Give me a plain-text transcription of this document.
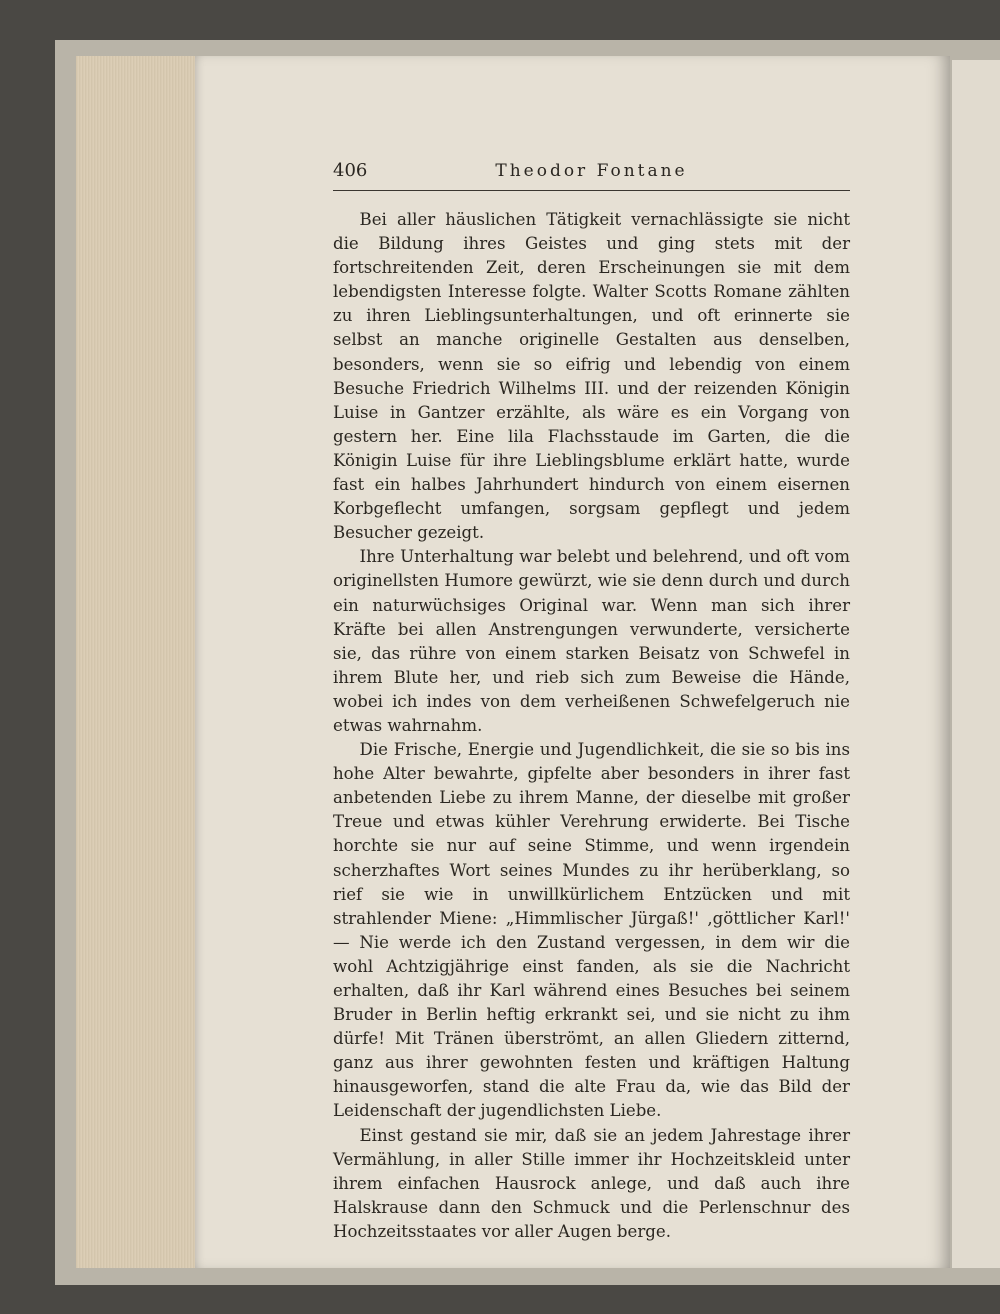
406	Theodor Fontane

Bei aller häuslichen Tätigkeit vernachlässigte sie nicht die Bildung ihres Geistes und ging stets mit der fortschreitenden Zeit, deren Erscheinungen sie mit dem lebendigsten Interesse folgte. Walter Scotts Romane zählten zu ihren Lieblingsunterhaltungen, und oft erinnerte sie selbst an manche originelle Gestalten aus denselben, besonders, wenn sie so eifrig und lebendig von einem Besuche Friedrich Wilhelms III. und der reizenden Königin Luise in Gantzer erzählte, als wäre es ein Vorgang von gestern her. Eine lila Flachsstaude im Garten, die die Königin Luise für ihre Lieblingsblume erklärt hatte, wurde fast ein halbes Jahrhundert hindurch von einem eisernen Korbgeflecht umfangen, sorgsam gepflegt und jedem Besucher gezeigt.

Ihre Unterhaltung war belebt und belehrend, und oft vom originellsten Humore gewürzt, wie sie denn durch und durch ein naturwüchsiges Original war. Wenn man sich ihrer Kräfte bei allen Anstrengungen verwunderte, versicherte sie, das rühre von einem starken Beisatz von Schwefel in ihrem Blute her, und rieb sich zum Beweise die Hände, wobei ich indes von dem verheißenen Schwefelgeruch nie etwas wahrnahm.

Die Frische, Energie und Jugendlichkeit, die sie so bis ins hohe Alter bewahrte, gipfelte aber besonders in ihrer fast anbetenden Liebe zu ihrem Manne, der dieselbe mit großer Treue und etwas kühler Verehrung erwiderte. Bei Tische horchte sie nur auf seine Stimme, und wenn irgendein scherzhaftes Wort seines Mundes zu ihr herüberklang, so rief sie wie in unwillkürlichem Entzücken und mit strahlender Miene: „Himmlischer Jürgaß!' ‚göttlicher Karl!' — Nie werde ich den Zustand vergessen, in dem wir die wohl Achtzigjährige einst fanden, als sie die Nachricht erhalten, daß ihr Karl während eines Besuches bei seinem Bruder in Berlin heftig erkrankt sei, und sie nicht zu ihm dürfe! Mit Tränen überströmt, an allen Gliedern zitternd, ganz aus ihrer gewohnten festen und kräftigen Haltung hinausgeworfen, stand die alte Frau da, wie das Bild der Leidenschaft der jugendlichsten Liebe.

Einst gestand sie mir, daß sie an jedem Jahrestage ihrer Vermählung, in aller Stille immer ihr Hochzeitskleid unter ihrem einfachen Hausrock anlege, und daß auch ihre Halskrause dann den Schmuck und die Perlenschnur des Hochzeitsstaates vor aller Augen berge.
